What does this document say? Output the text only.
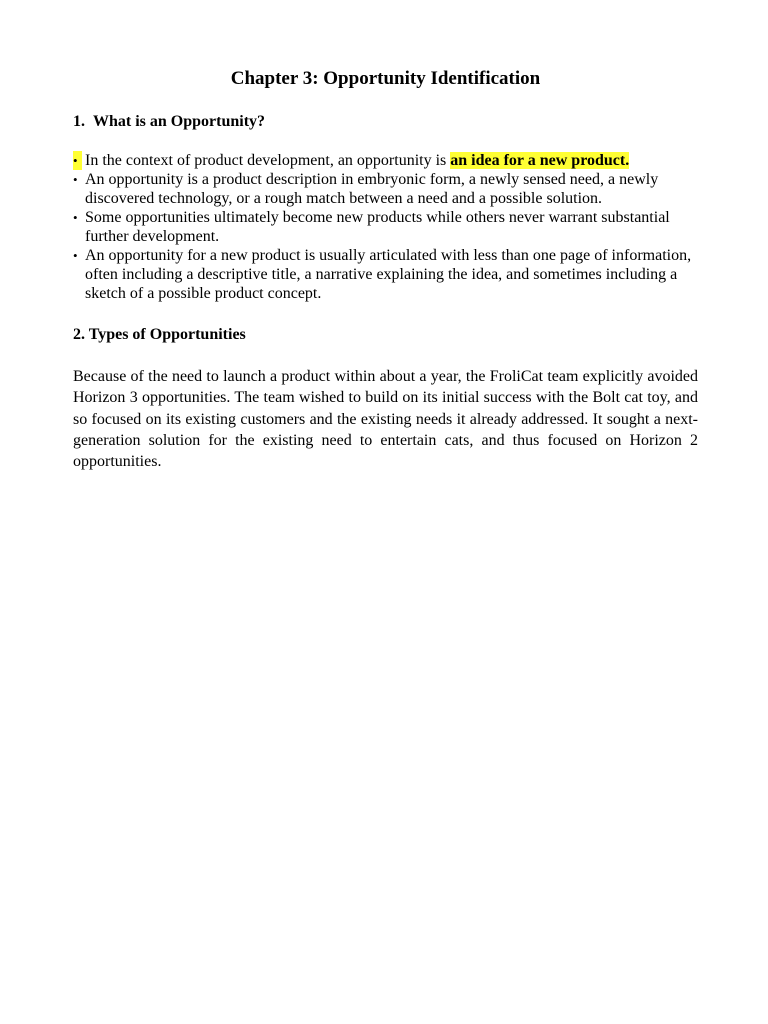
Chapter 3: Opportunity Identification
1. What is an Opportunity?
• In the context of product development, an opportunity is an idea for a new product.
• An opportunity is a product description in embryonic form, a newly sensed need, a newly discovered technology, or a rough match between a need and a possible solution.
• Some opportunities ultimately become new products while others never warrant substantial further development.
• An opportunity for a new product is usually articulated with less than one page of information, often including a descriptive title, a narrative explaining the idea, and sometimes including a sketch of a possible product concept.
2. Types of Opportunities

Because of the need to launch a product within about a year, the FroliCat team explicitly avoided Horizon 3 opportunities. The team wished to build on its initial success with the Bolt cat toy, and so focused on its existing customers and the existing needs it already addressed. It sought a next-generation solution for the existing need to entertain cats, and thus focused on Horizon 2 opportunities.
